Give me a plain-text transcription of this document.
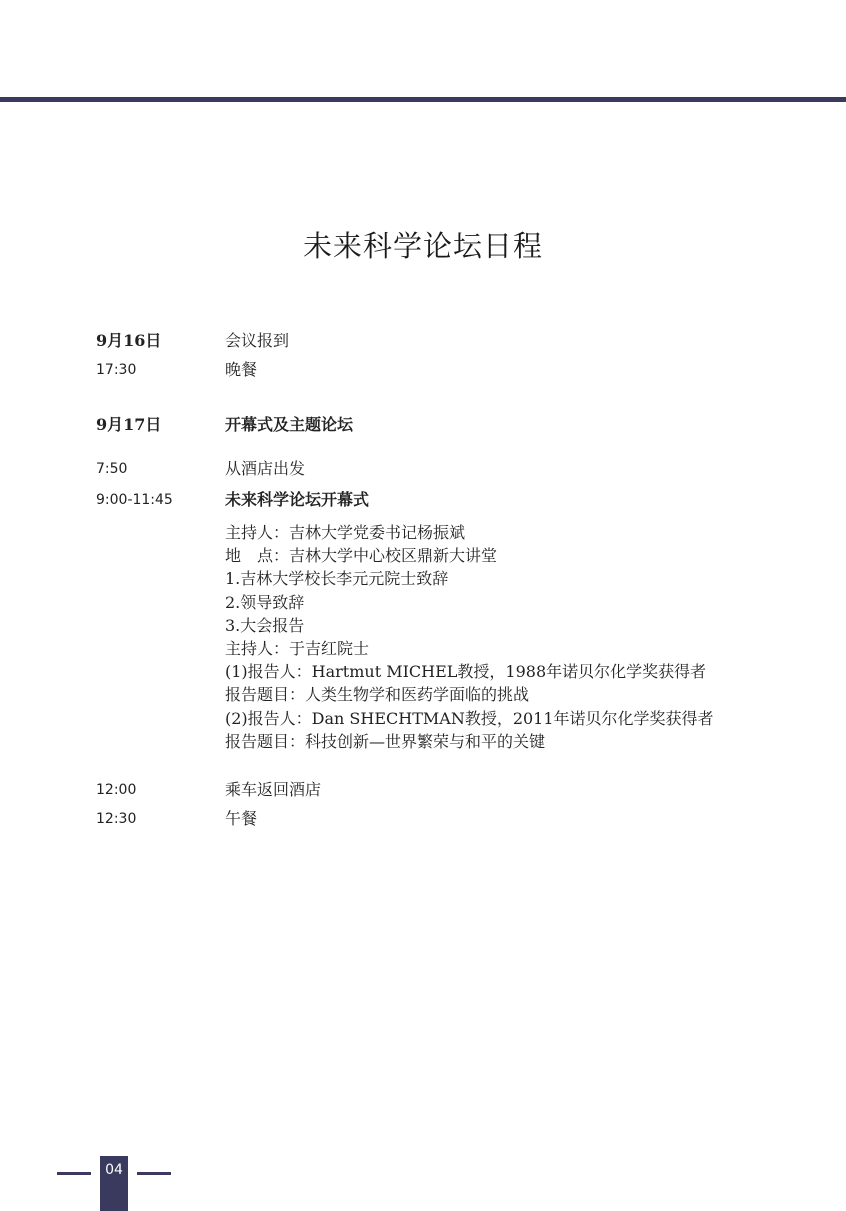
未来科学论坛日程
9月16日	会议报到
17:30	晚餐
9月17日	开幕式及主题论坛
7:50	从酒店出发
9:00-11:45	未来科学论坛开幕式
主持人：吉林大学党委书记杨振斌
地　点：吉林大学中心校区鼎新大讲堂
1.吉林大学校长李元元院士致辞
2.领导致辞
3.大会报告
主持人：于吉红院士
(1)报告人：Hartmut MICHEL教授，1988年诺贝尔化学奖获得者
报告题目：人类生物学和医药学面临的挑战
(2)报告人：Dan SHECHTMAN教授，2011年诺贝尔化学奖获得者
报告题目：科技创新—世界繁荣与和平的关键
12:00	乘车返回酒店
12:30	午餐
04
